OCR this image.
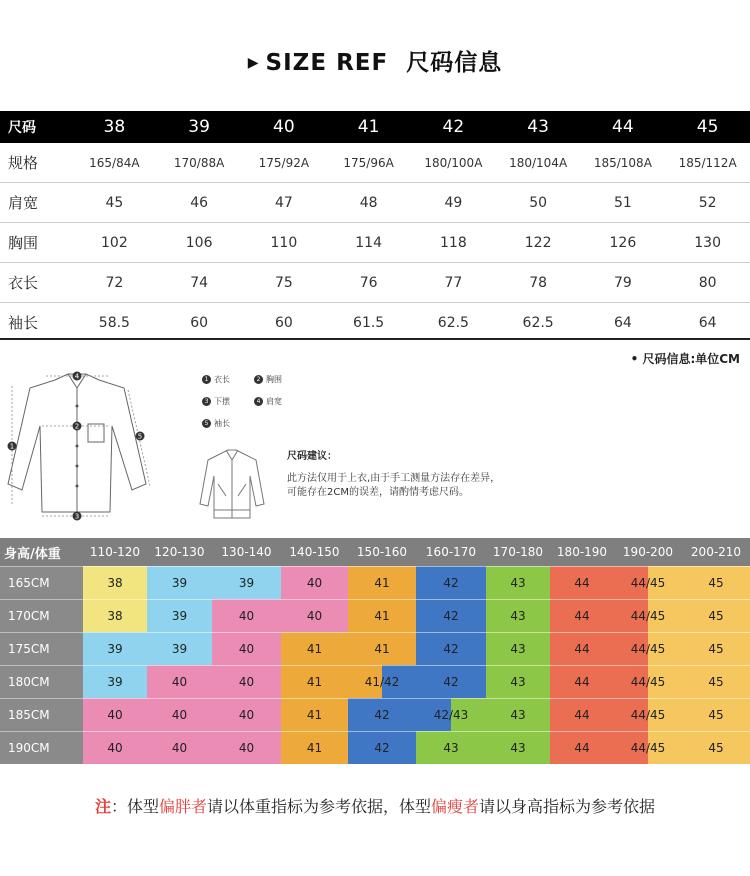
▶ SIZE REF 尺码信息
尺码	38	39	40	41	42	43	44	45
规格	165/84A	170/88A	175/92A	175/96A	180/100A	180/104A	185/108A	185/112A
肩宽	45	46	47	48	49	50	51	52
胸围	102	106	110	114	118	122	126	130
衣长	72	74	75	76	77	78	79	80
袖长	58.5	60	60	61.5	62.5	62.5	64	64
• 尺码信息:单位CM
1
2
3
4
5
1 衣长	2 胸围
3 下摆	4 肩宽
5 袖长
尺码建议：
此方法仅用于上衣,由于手工测量方法存在差异，可能存在2CM的误差，请酌情考虑尺码。
身高/体重	110-120	120-130	130-140	140-150	150-160	160-170	170-180	180-190	190-200	200-210
165CM	38	39	39	40	41	42	43	44	44/45	45
170CM	38	39	40	40	41	42	43	44	44/45	45
175CM	39	39	40	41	41	42	43	44	44/45	45
180CM	39	40	40	41	41/42	42	43	44	44/45	45
185CM	40	40	40	41	42	42/43	43	44	44/45	45
190CM	40	40	40	41	42	43	43	44	44/45	45
注：体型偏胖者请以体重指标为参考依据，体型偏瘦者请以身高指标为参考依据
